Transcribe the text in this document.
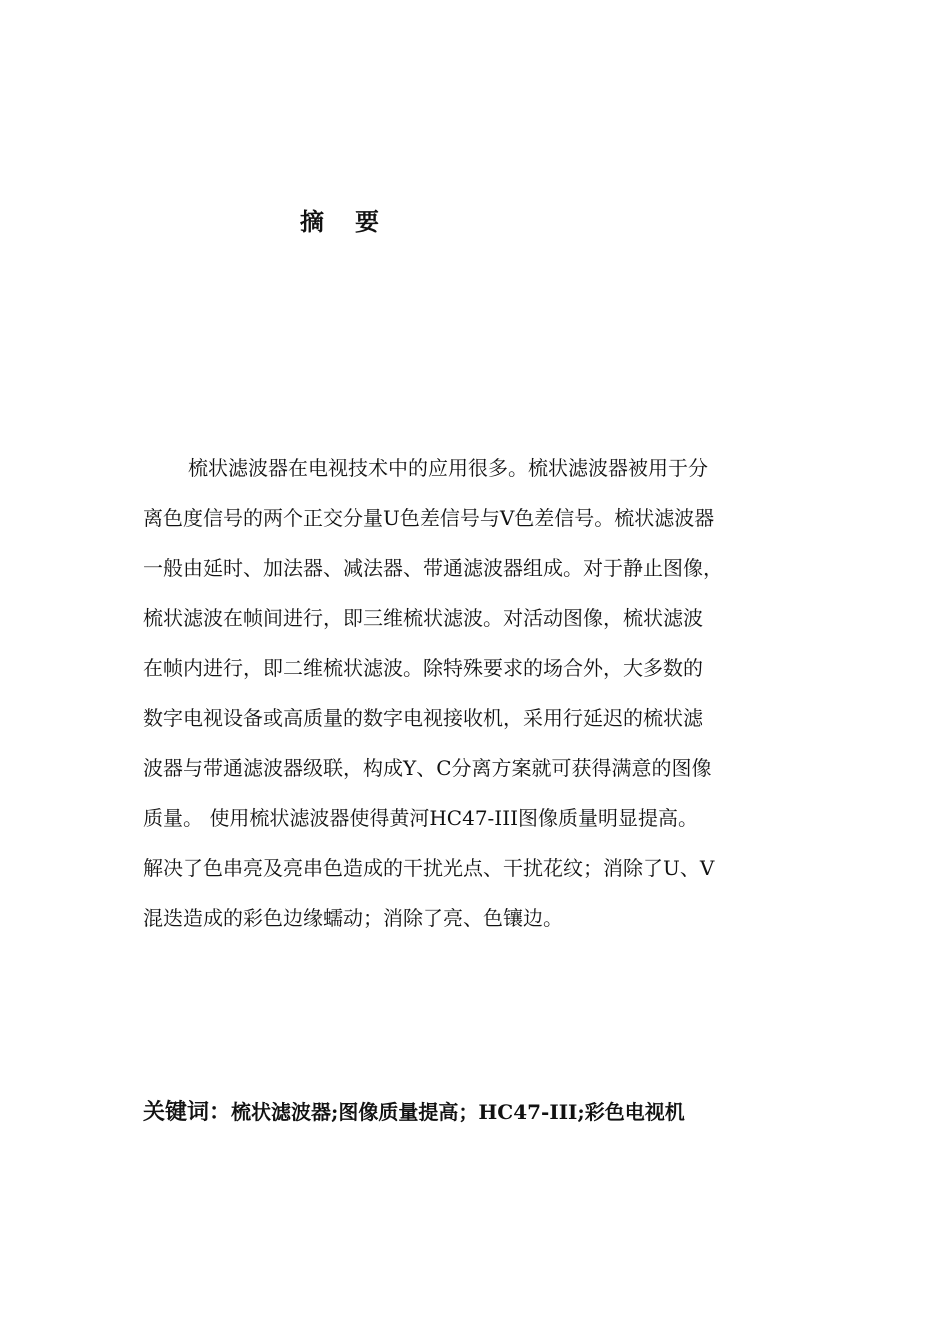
摘 要
梳状滤波器在电视技术中的应用很多。梳状滤波器被用于分
离色度信号的两个正交分量U色差信号与V色差信号。梳状滤波器
一般由延时、加法器、减法器、带通滤波器组成。对于静止图像，
梳状滤波在帧间进行，即三维梳状滤波。对活动图像，梳状滤波
在帧内进行，即二维梳状滤波。除特殊要求的场合外，大多数的
数字电视设备或高质量的数字电视接收机，采用行延迟的梳状滤
波器与带通滤波器级联，构成Y、C分离方案就可获得满意的图像
质量。 使用梳状滤波器使得黄河HC47-III图像质量明显提高。
解决了色串亮及亮串色造成的干扰光点、干扰花纹；消除了U、V
混迭造成的彩色边缘蠕动；消除了亮、色镶边。
关键词：梳状滤波器;图像质量提高；HC47-III;彩色电视机
